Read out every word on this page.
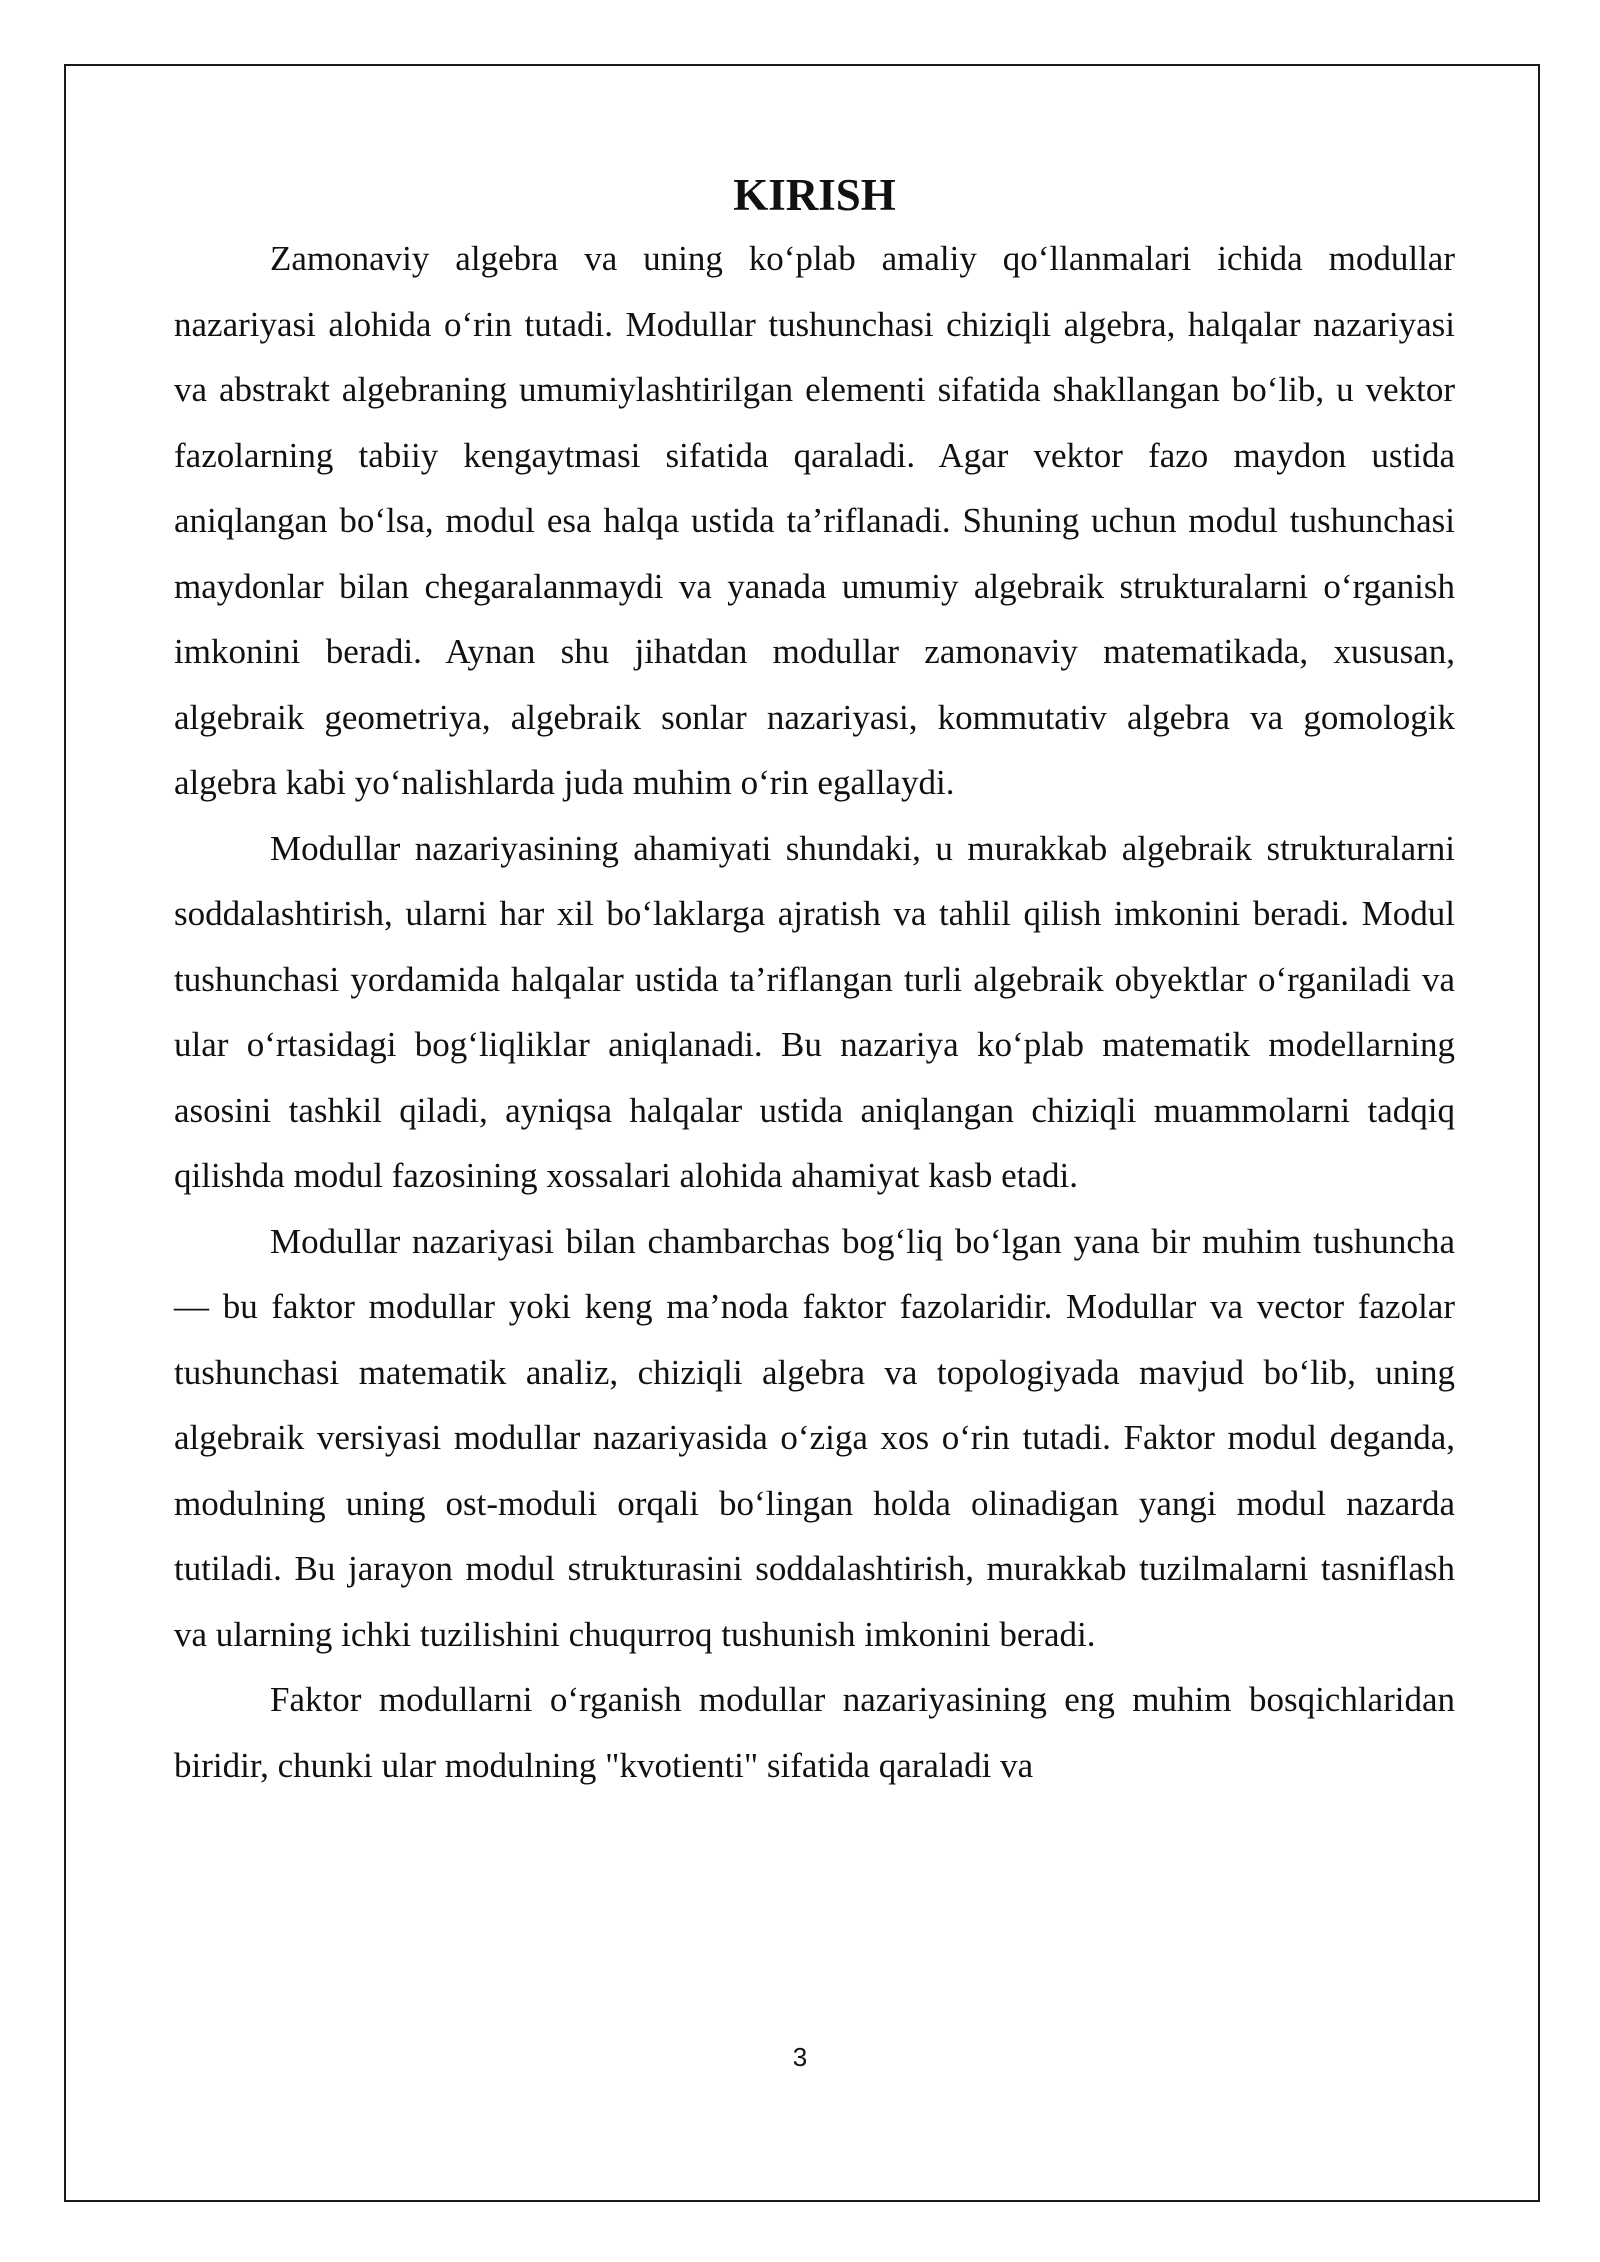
KIRISH

Zamonaviy algebra va uning ko‘plab amaliy qo‘llanmalari ichida modullar nazariyasi alohida o‘rin tutadi. Modullar tushunchasi chiziqli algebra, halqalar nazariyasi va abstrakt algebraning umumiylashtirilgan elementi sifatida shakllangan bo‘lib, u vektor fazolarning tabiiy kengaytmasi sifatida qaraladi. Agar vektor fazo maydon ustida aniqlangan bo‘lsa, modul esa halqa ustida ta’riflanadi. Shuning uchun modul tushunchasi maydonlar bilan chegaralanmaydi va yanada umumiy algebraik strukturalarni o‘rganish imkonini beradi. Aynan shu jihatdan modullar zamonaviy matematikada, xususan, algebraik geometriya, algebraik sonlar nazariyasi, kommutativ algebra va gomologik algebra kabi yo‘nalishlarda juda muhim o‘rin egallaydi.

Modullar nazariyasining ahamiyati shundaki, u murakkab algebraik strukturalarni soddalashtirish, ularni har xil bo‘laklarga ajratish va tahlil qilish imkonini beradi. Modul tushunchasi yordamida halqalar ustida ta’riflangan turli algebraik obyektlar o‘rganiladi va ular o‘rtasidagi bog‘liqliklar aniqlanadi. Bu nazariya ko‘plab matematik modellarning asosini tashkil qiladi, ayniqsa halqalar ustida aniqlangan chiziqli muammolarni tadqiq qilishda modul fazosining xossalari alohida ahamiyat kasb etadi.

Modullar nazariyasi bilan chambarchas bog‘liq bo‘lgan yana bir muhim tushuncha — bu faktor modullar yoki keng ma’noda faktor fazolaridir. Modullar va vector fazolar tushunchasi matematik analiz, chiziqli algebra va topologiyada mavjud bo‘lib, uning algebraik versiyasi modullar nazariyasida o‘ziga xos o‘rin tutadi. Faktor modul deganda, modulning uning ost-moduli orqali bo‘lingan holda olinadigan yangi modul nazarda tutiladi. Bu jarayon modul strukturasini soddalashtirish, murakkab tuzilmalarni tasniflash va ularning ichki tuzilishini chuqurroq tushunish imkonini beradi.

Faktor modullarni o‘rganish modullar nazariyasining eng muhim bosqichlaridan biridir, chunki ular modulning "kvotienti" sifatida qaraladi va

3
